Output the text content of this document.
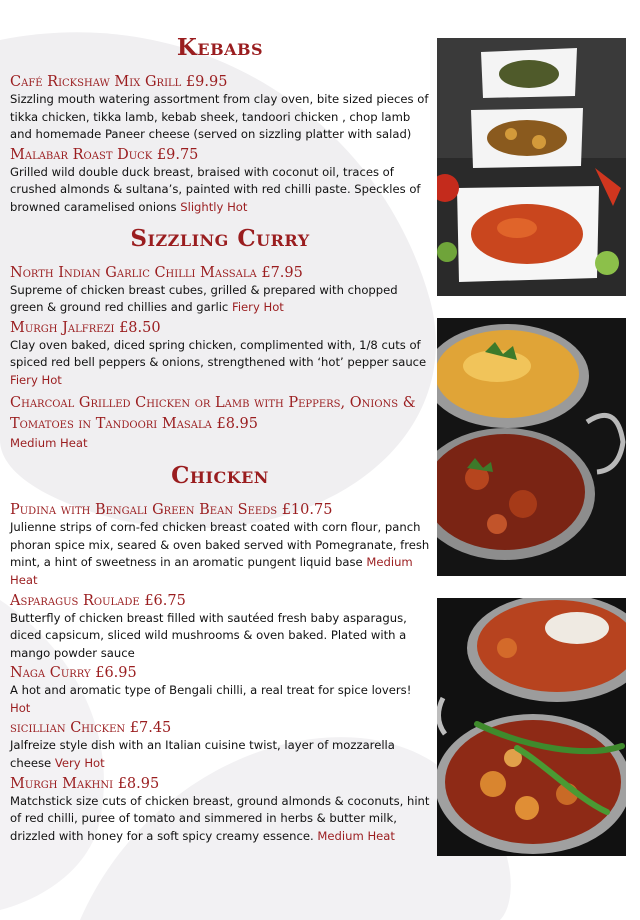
Kebabs

Café Rickshaw Mix Grill £9.95

Sizzling mouth watering assortment from clay oven, bite sized pieces of tikka chicken, tikka lamb, kebab sheek, tandoori chicken , chop lamb and homemade Paneer cheese (served on sizzling platter with salad)

Malabar Roast Duck £9.75

Grilled wild double duck breast, braised with coconut oil, traces of crushed almonds & sultana’s, painted with red chilli paste. Speckles of browned caramelised onions Slightly Hot

Sizzling Curry

North Indian Garlic Chilli Massala £7.95

Supreme of chicken breast cubes, grilled & prepared with chopped green & ground red chillies and garlic Fiery Hot

Murgh Jalfrezi £8.50

Clay oven baked, diced spring chicken, complimented with, 1/8 cuts of spiced red bell peppers & onions, strengthened with ‘hot’ pepper sauce Fiery Hot

Charcoal Grilled Chicken or Lamb with Peppers, Onions & Tomatoes in Tandoori Masala £8.95

Medium Heat

Chicken

Pudina with Bengali Green Bean Seeds £10.75

Julienne strips of corn-fed chicken breast coated with corn flour, panch phoran spice mix, seared & oven baked served with Pomegranate, fresh mint, a hint of sweetness in an aromatic pungent liquid base Medium Heat

Asparagus Roulade £6.75

Butterfly of chicken breast filled with sautéed fresh baby asparagus, diced capsicum, sliced wild mushrooms & oven baked. Plated with a mango powder sauce

Naga Curry £6.95

A hot and aromatic type of Bengali chilli, a real treat for spice lovers! Hot

sicillian Chicken £7.45

Jalfreize style dish with an Italian cuisine twist, layer of mozzarella cheese Very Hot

Murgh Makhni £8.95

Matchstick size cuts of chicken breast, ground almonds & coconuts, hint of red chilli, puree of tomato and simmered in herbs & butter milk, drizzled with honey for a soft spicy creamy essence. Medium Heat
